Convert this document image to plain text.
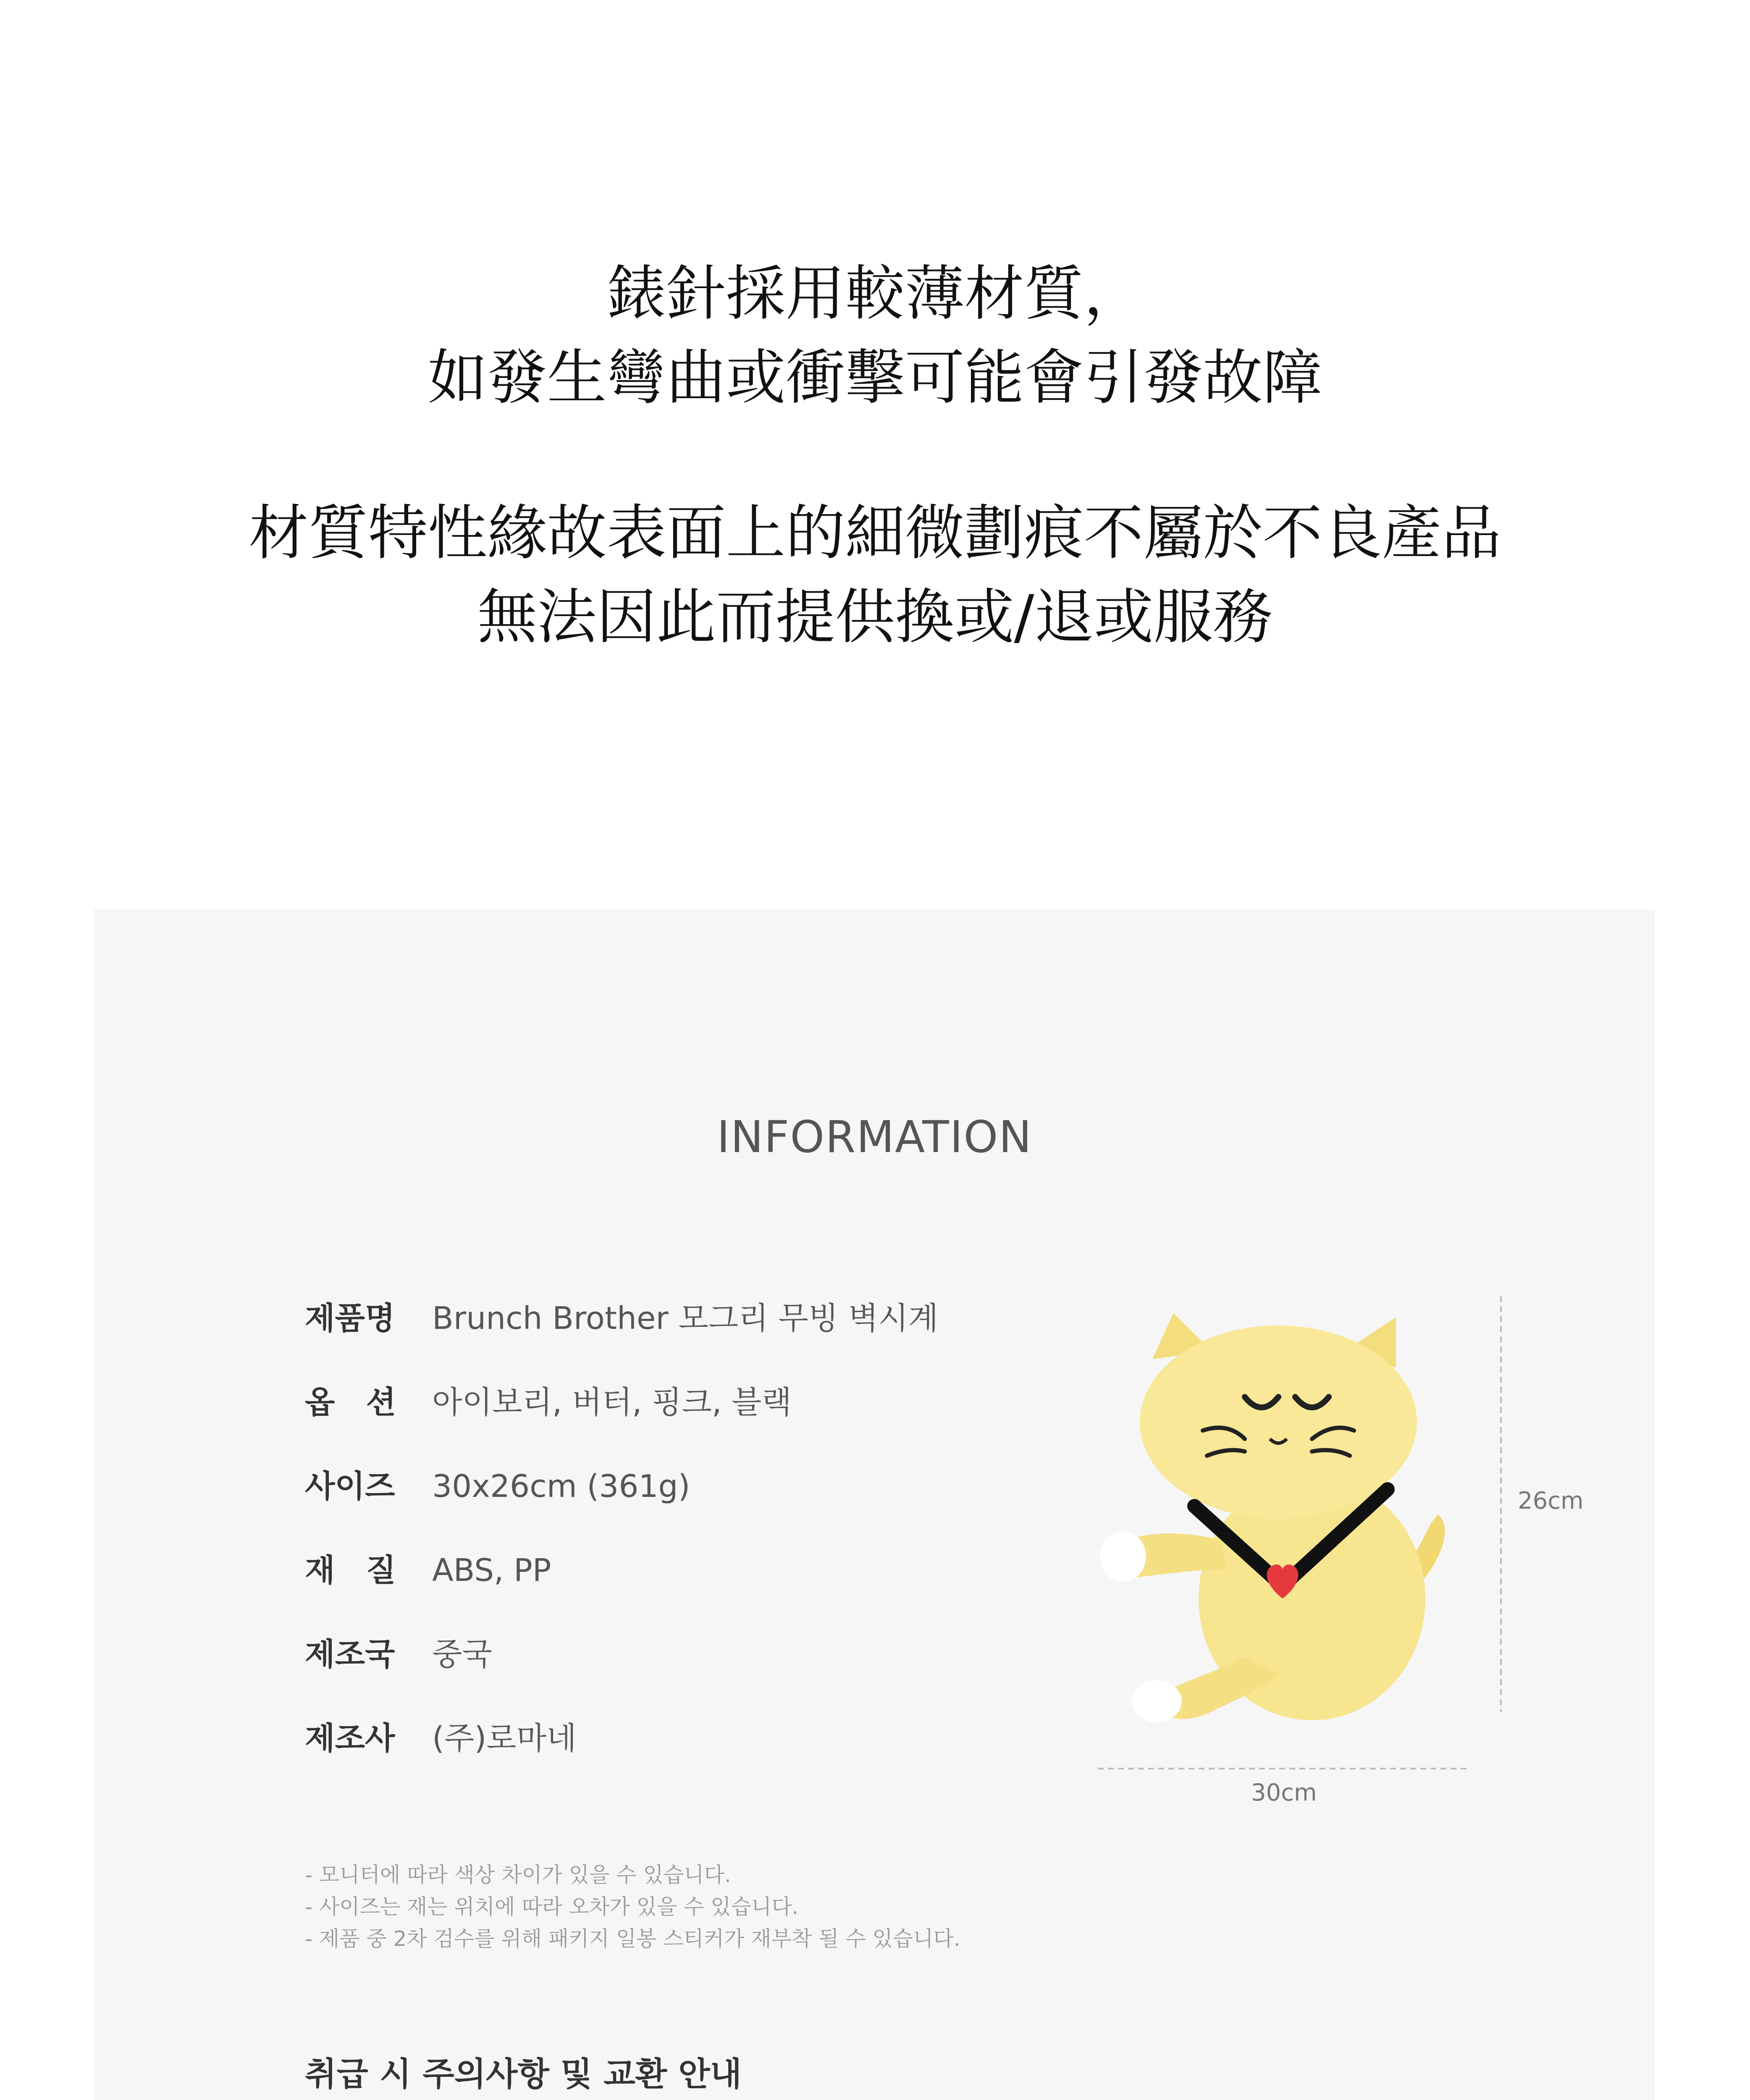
錶針採用較薄材質，
如發生彎曲或衝擊可能會引發故障
材質特性緣故表面上的細微劃痕不屬於不良產品
無法因此而提供換或/退或服務
INFORMATION
제품명	Brunch Brother 모그리 무빙 벽시계
옵　션	아이보리, 버터, 핑크, 블랙
사이즈	30x26cm (361g)
재　질	ABS, PP
제조국	중국
제조사	(주)로마네
26cm
30cm
- 모니터에 따라 색상 차이가 있을 수 있습니다.
- 사이즈는 재는 위치에 따라 오차가 있을 수 있습니다.
- 제품 중 2차 검수를 위해 패키지 일봉 스티커가 재부착 될 수 있습니다.
취급 시 주의사항 및 교환 안내
